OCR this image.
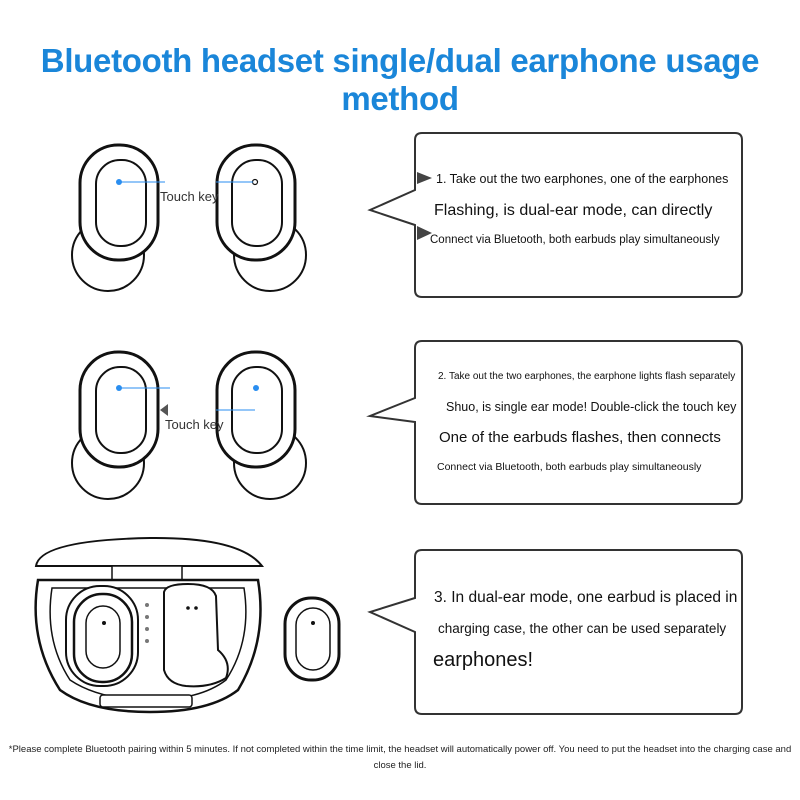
Bluetooth headset single/dual earphone usage method
Touch key
Touch key
1. Take out the two earphones, one of the earphones
Flashing, is dual-ear mode, can directly
Connect via Bluetooth, both earbuds play simultaneously
2. Take out the two earphones, the earphone lights flash separately
Shuo, is single ear mode! Double-click the touch key
One of the earbuds flashes, then connects
Connect via Bluetooth, both earbuds play simultaneously
3. In dual-ear mode, one earbud is placed in
charging case, the other can be used separately
earphones!
*Please complete Bluetooth pairing within 5 minutes. If not completed within the time limit, the headset will automatically power off. You need to put the headset into the charging case and close the lid.
